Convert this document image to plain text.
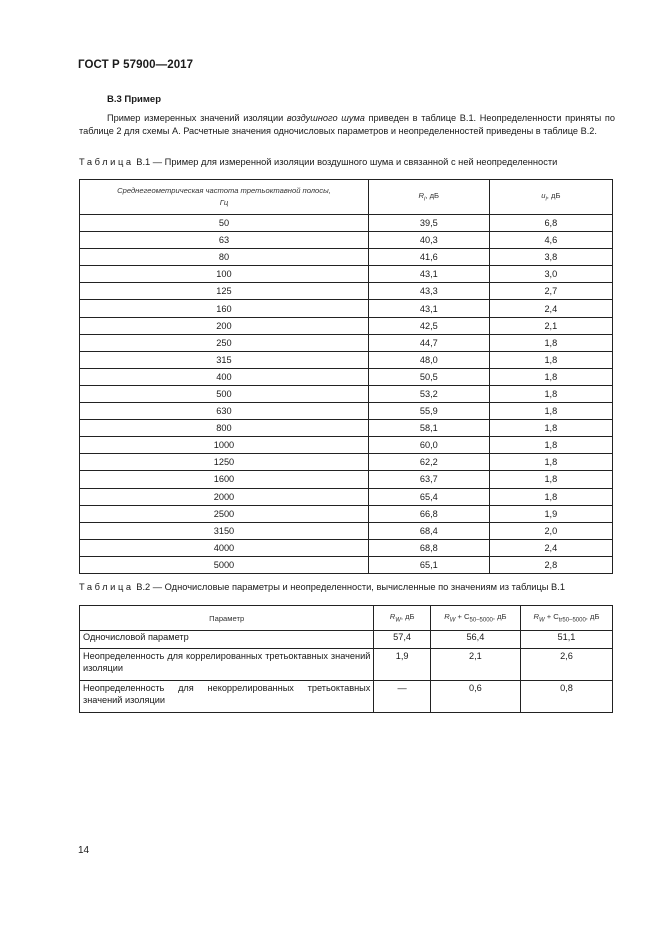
ГОСТ Р 57900—2017
В.3 Пример
Пример измеренных значений изоляции воздушного шума приведен в таблице В.1. Неопределенности приняты по таблице 2 для схемы А. Расчетные значения одночисловых параметров и неопределенностей приведены в таблице В.2.
Таблица В.1 — Пример для измеренной изоляции воздушного шума и связанной с ней неопределенности
Среднегеометрическая частота третьоктавной полосы,
Гц	$R_i$, дБ	$u_i$, дБ
50	39,5	6,8
63	40,3	4,6
80	41,6	3,8
100	43,1	3,0
125	43,3	2,7
160	43,1	2,4
200	42,5	2,1
250	44,7	1,8
315	48,0	1,8
400	50,5	1,8
500	53,2	1,8
630	55,9	1,8
800	58,1	1,8
1000	60,0	1,8
1250	62,2	1,8
1600	63,7	1,8
2000	65,4	1,8
2500	66,8	1,9
3150	68,4	2,0
4000	68,8	2,4
5000	65,1	2,8
Таблица В.2 — Одночисловые параметры и неопределенности, вычисленные по значениям из таблицы В.1
Параметр	$R_W$, дБ	$R_W + C_{50-5000}$, дБ	$R_W + C_{tr50-5000}$, дБ
Одночисловой параметр	57,4	56,4	51,1
Неопределенность для коррелированных третьоктавных значений изоляции	1,9	2,1	2,6
Неопределенность для некоррелированных третьоктавных значений изоляции	—	0,6	0,8
14
